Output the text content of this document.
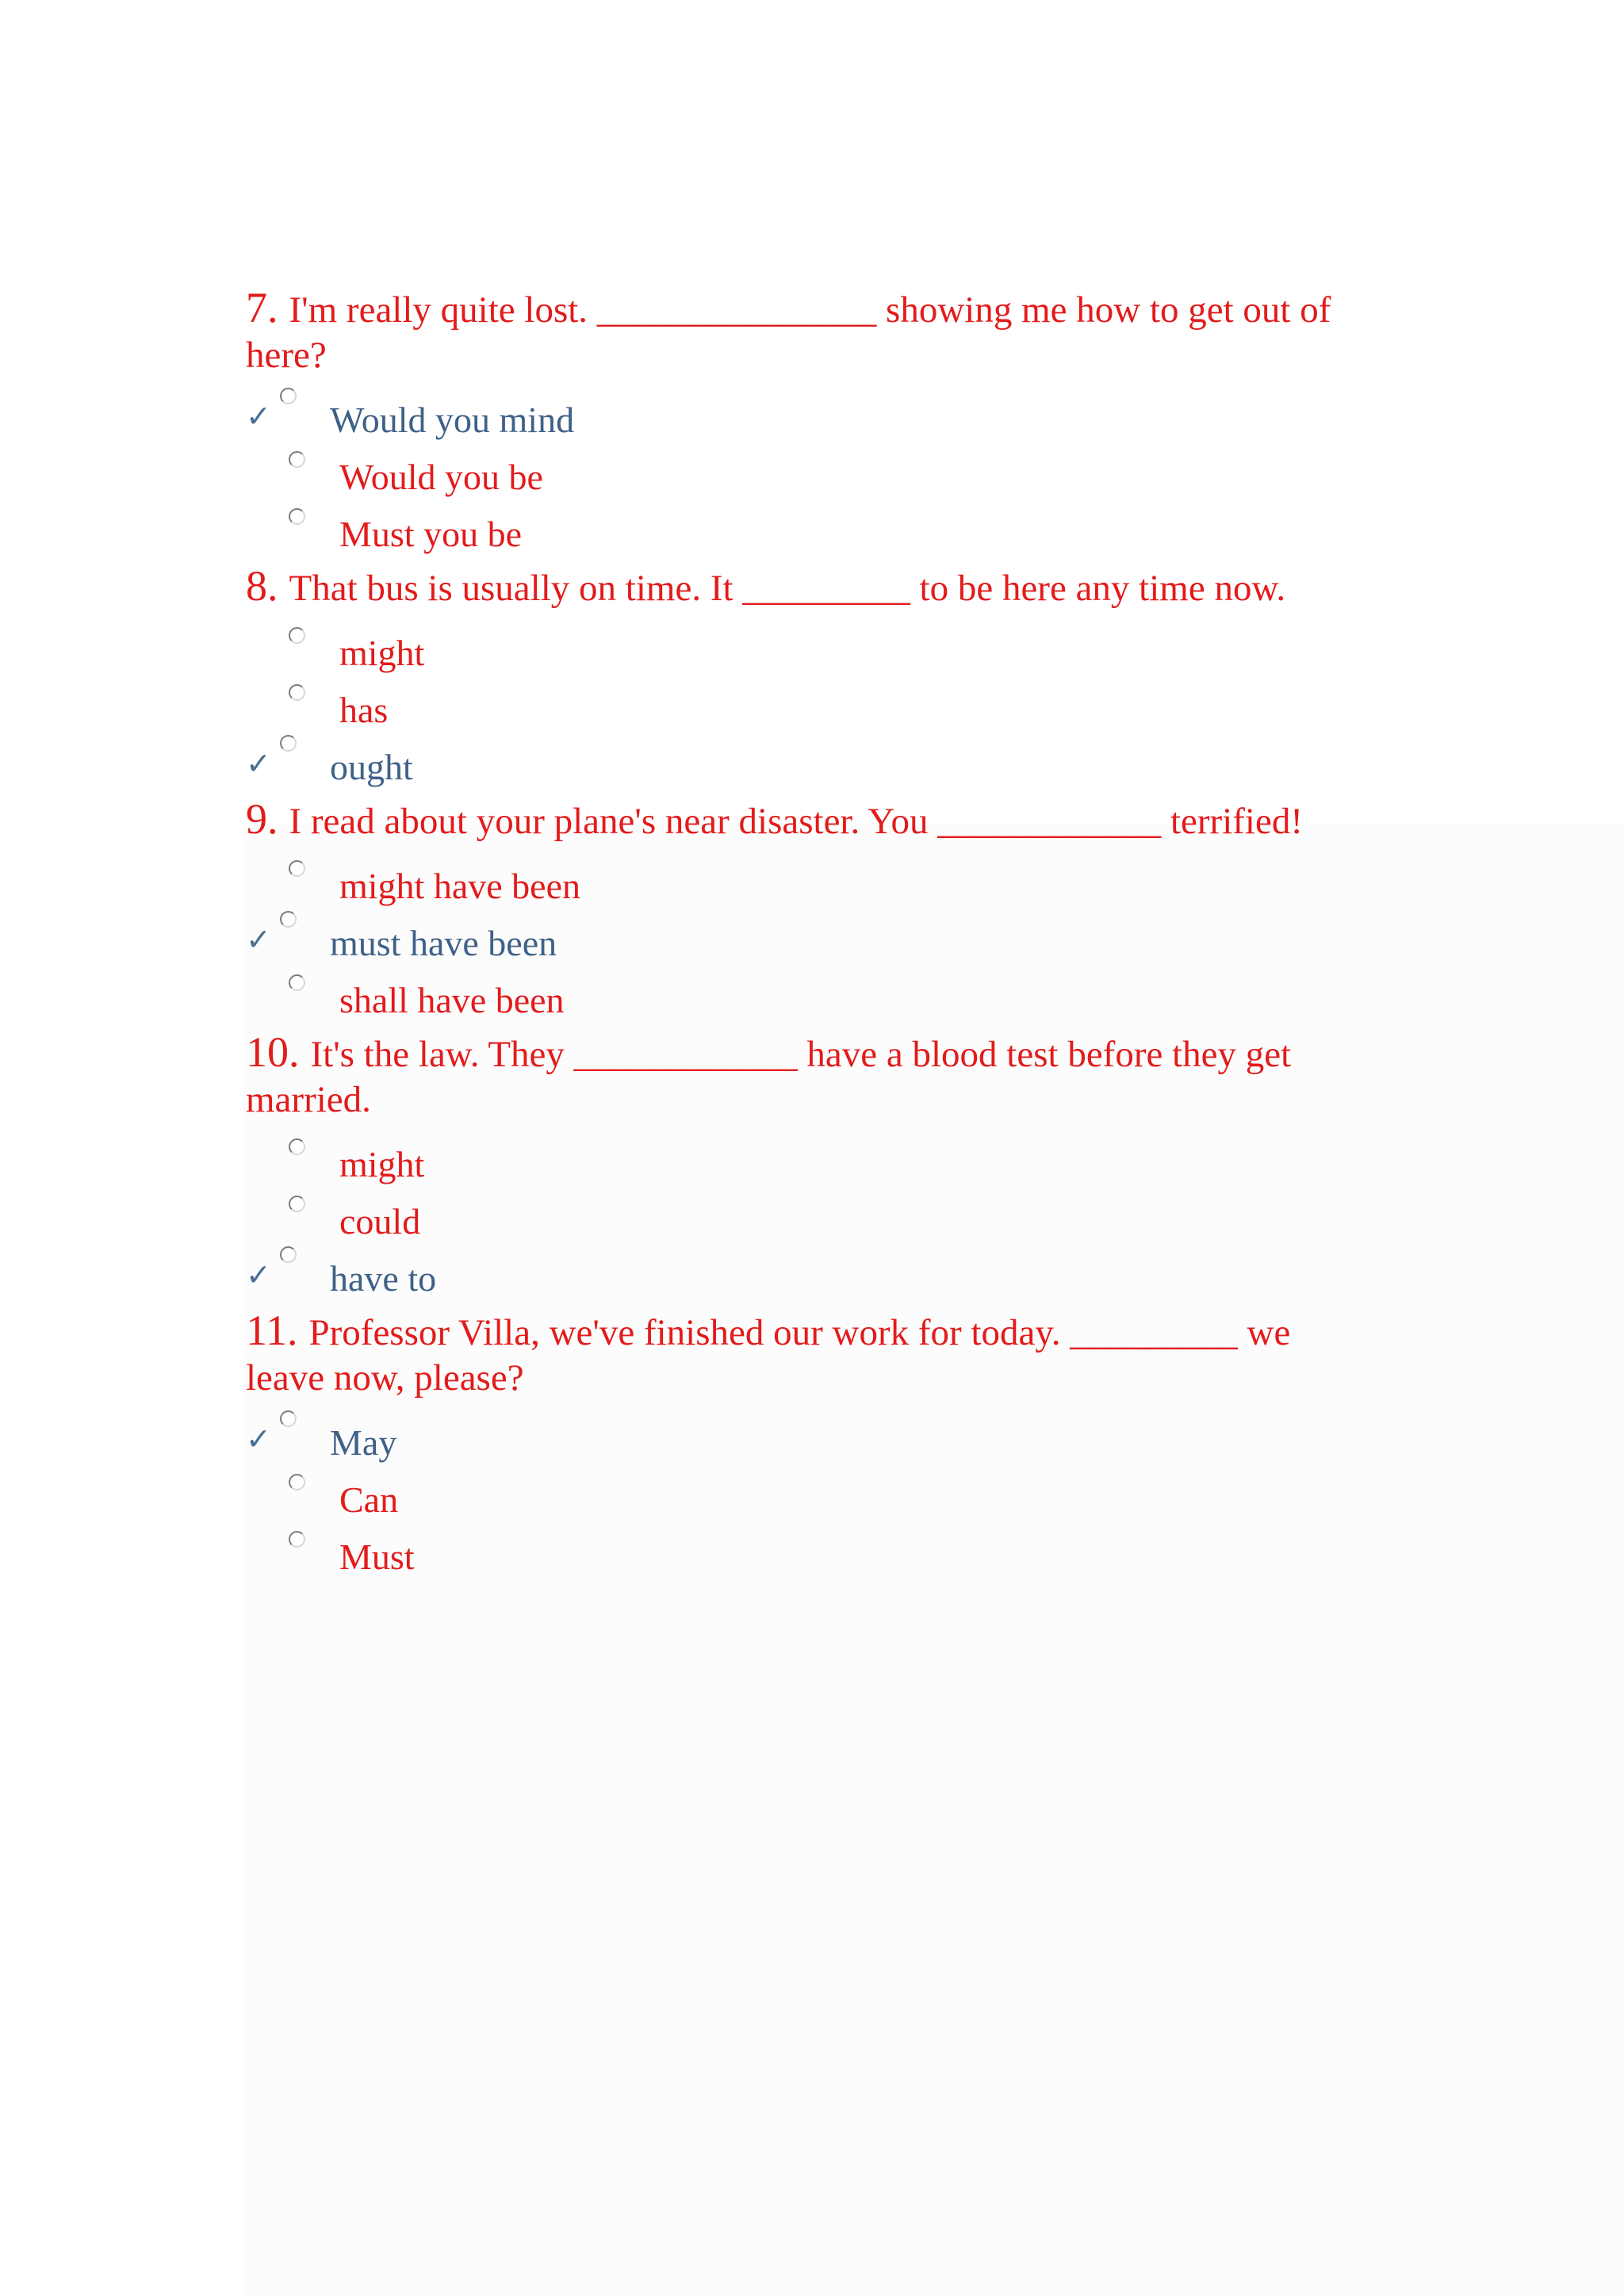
7. I'm really quite lost. _______________ showing me how to get out of

here?

✓ Would you mind
Would you be
Must you be

8. That bus is usually on time. It _________ to be here any time now.

might
has
✓ ought

9. I read about your plane's near disaster. You ____________ terrified!

might have been
✓ must have been
shall have been

10. It's the law. They ____________ have a blood test before they get

married.

might
could
✓ have to

11. Professor Villa, we've finished our work for today. _________ we

leave now, please?

✓ May
Can
Must
